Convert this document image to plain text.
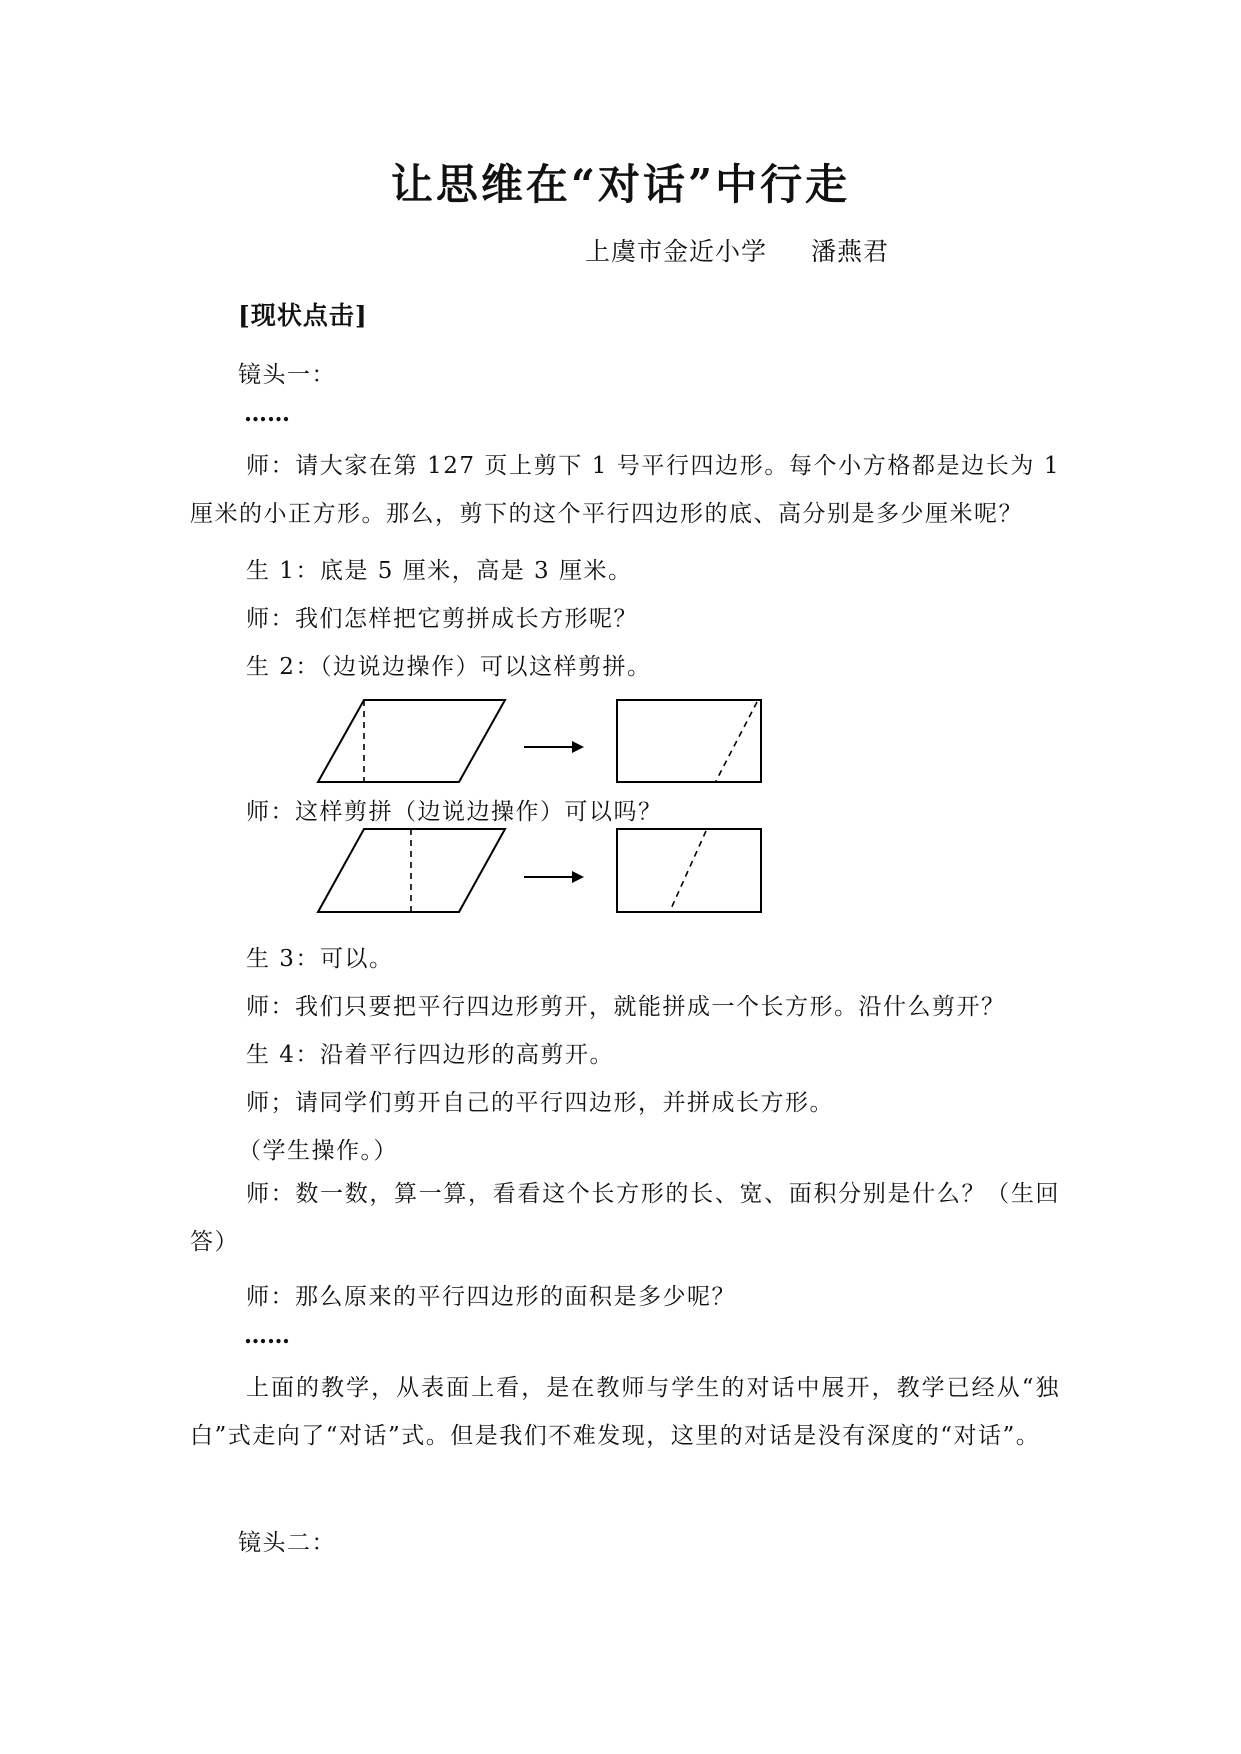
让思维在“对话”中行走
上虞市金近小学 潘燕君
[现状点击]
镜头一：
……
师：请大家在第 127 页上剪下 1 号平行四边形。每个小方格都是边长为 1 厘米的小正方形。那么，剪下的这个平行四边形的底、高分别是多少厘米呢？
生 1：底是 5 厘米，高是 3 厘米。
师：我们怎样把它剪拼成长方形呢？
生 2：（边说边操作）可以这样剪拼。
师：这样剪拼（边说边操作）可以吗？
生 3：可以。
师：我们只要把平行四边形剪开，就能拼成一个长方形。沿什么剪开？
生 4：沿着平行四边形的高剪开。
师；请同学们剪开自己的平行四边形，并拼成长方形。
（学生操作。）
师：数一数，算一算，看看这个长方形的长、宽、面积分别是什么？（生回答）
师：那么原来的平行四边形的面积是多少呢？
……
上面的教学，从表面上看，是在教师与学生的对话中展开，教学已经从“独白”式走向了“对话”式。但是我们不难发现，这里的对话是没有深度的“对话”。
镜头二：
